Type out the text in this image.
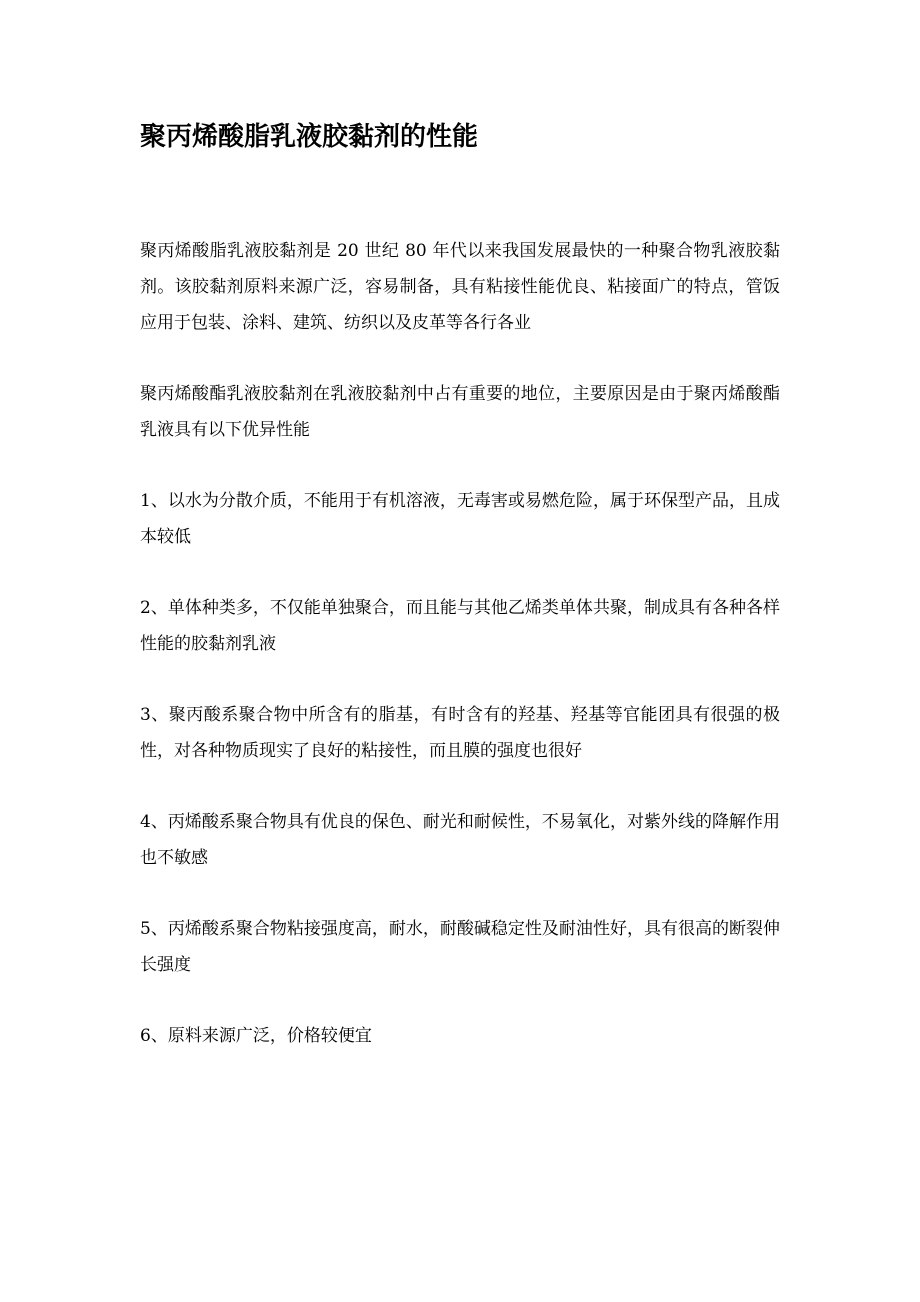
聚丙烯酸脂乳液胶黏剂的性能

聚丙烯酸脂乳液胶黏剂是 20 世纪 80 年代以来我国发展最快的一种聚合物乳液胶黏剂。该胶黏剂原料来源广泛，容易制备，具有粘接性能优良、粘接面广的特点，管饭应用于包装、涂料、建筑、纺织以及皮革等各行各业

聚丙烯酸酯乳液胶黏剂在乳液胶黏剂中占有重要的地位，主要原因是由于聚丙烯酸酯乳液具有以下优异性能

1、以水为分散介质，不能用于有机溶液，无毒害或易燃危险，属于环保型产品，且成本较低

2、单体种类多，不仅能单独聚合，而且能与其他乙烯类单体共聚，制成具有各种各样性能的胶黏剂乳液

3、聚丙酸系聚合物中所含有的脂基，有时含有的羟基、羟基等官能团具有很强的极性，对各种物质现实了良好的粘接性，而且膜的强度也很好

4、丙烯酸系聚合物具有优良的保色、耐光和耐候性，不易氧化，对紫外线的降解作用也不敏感

5、丙烯酸系聚合物粘接强度高，耐水，耐酸碱稳定性及耐油性好，具有很高的断裂伸长强度

6、原料来源广泛，价格较便宜
